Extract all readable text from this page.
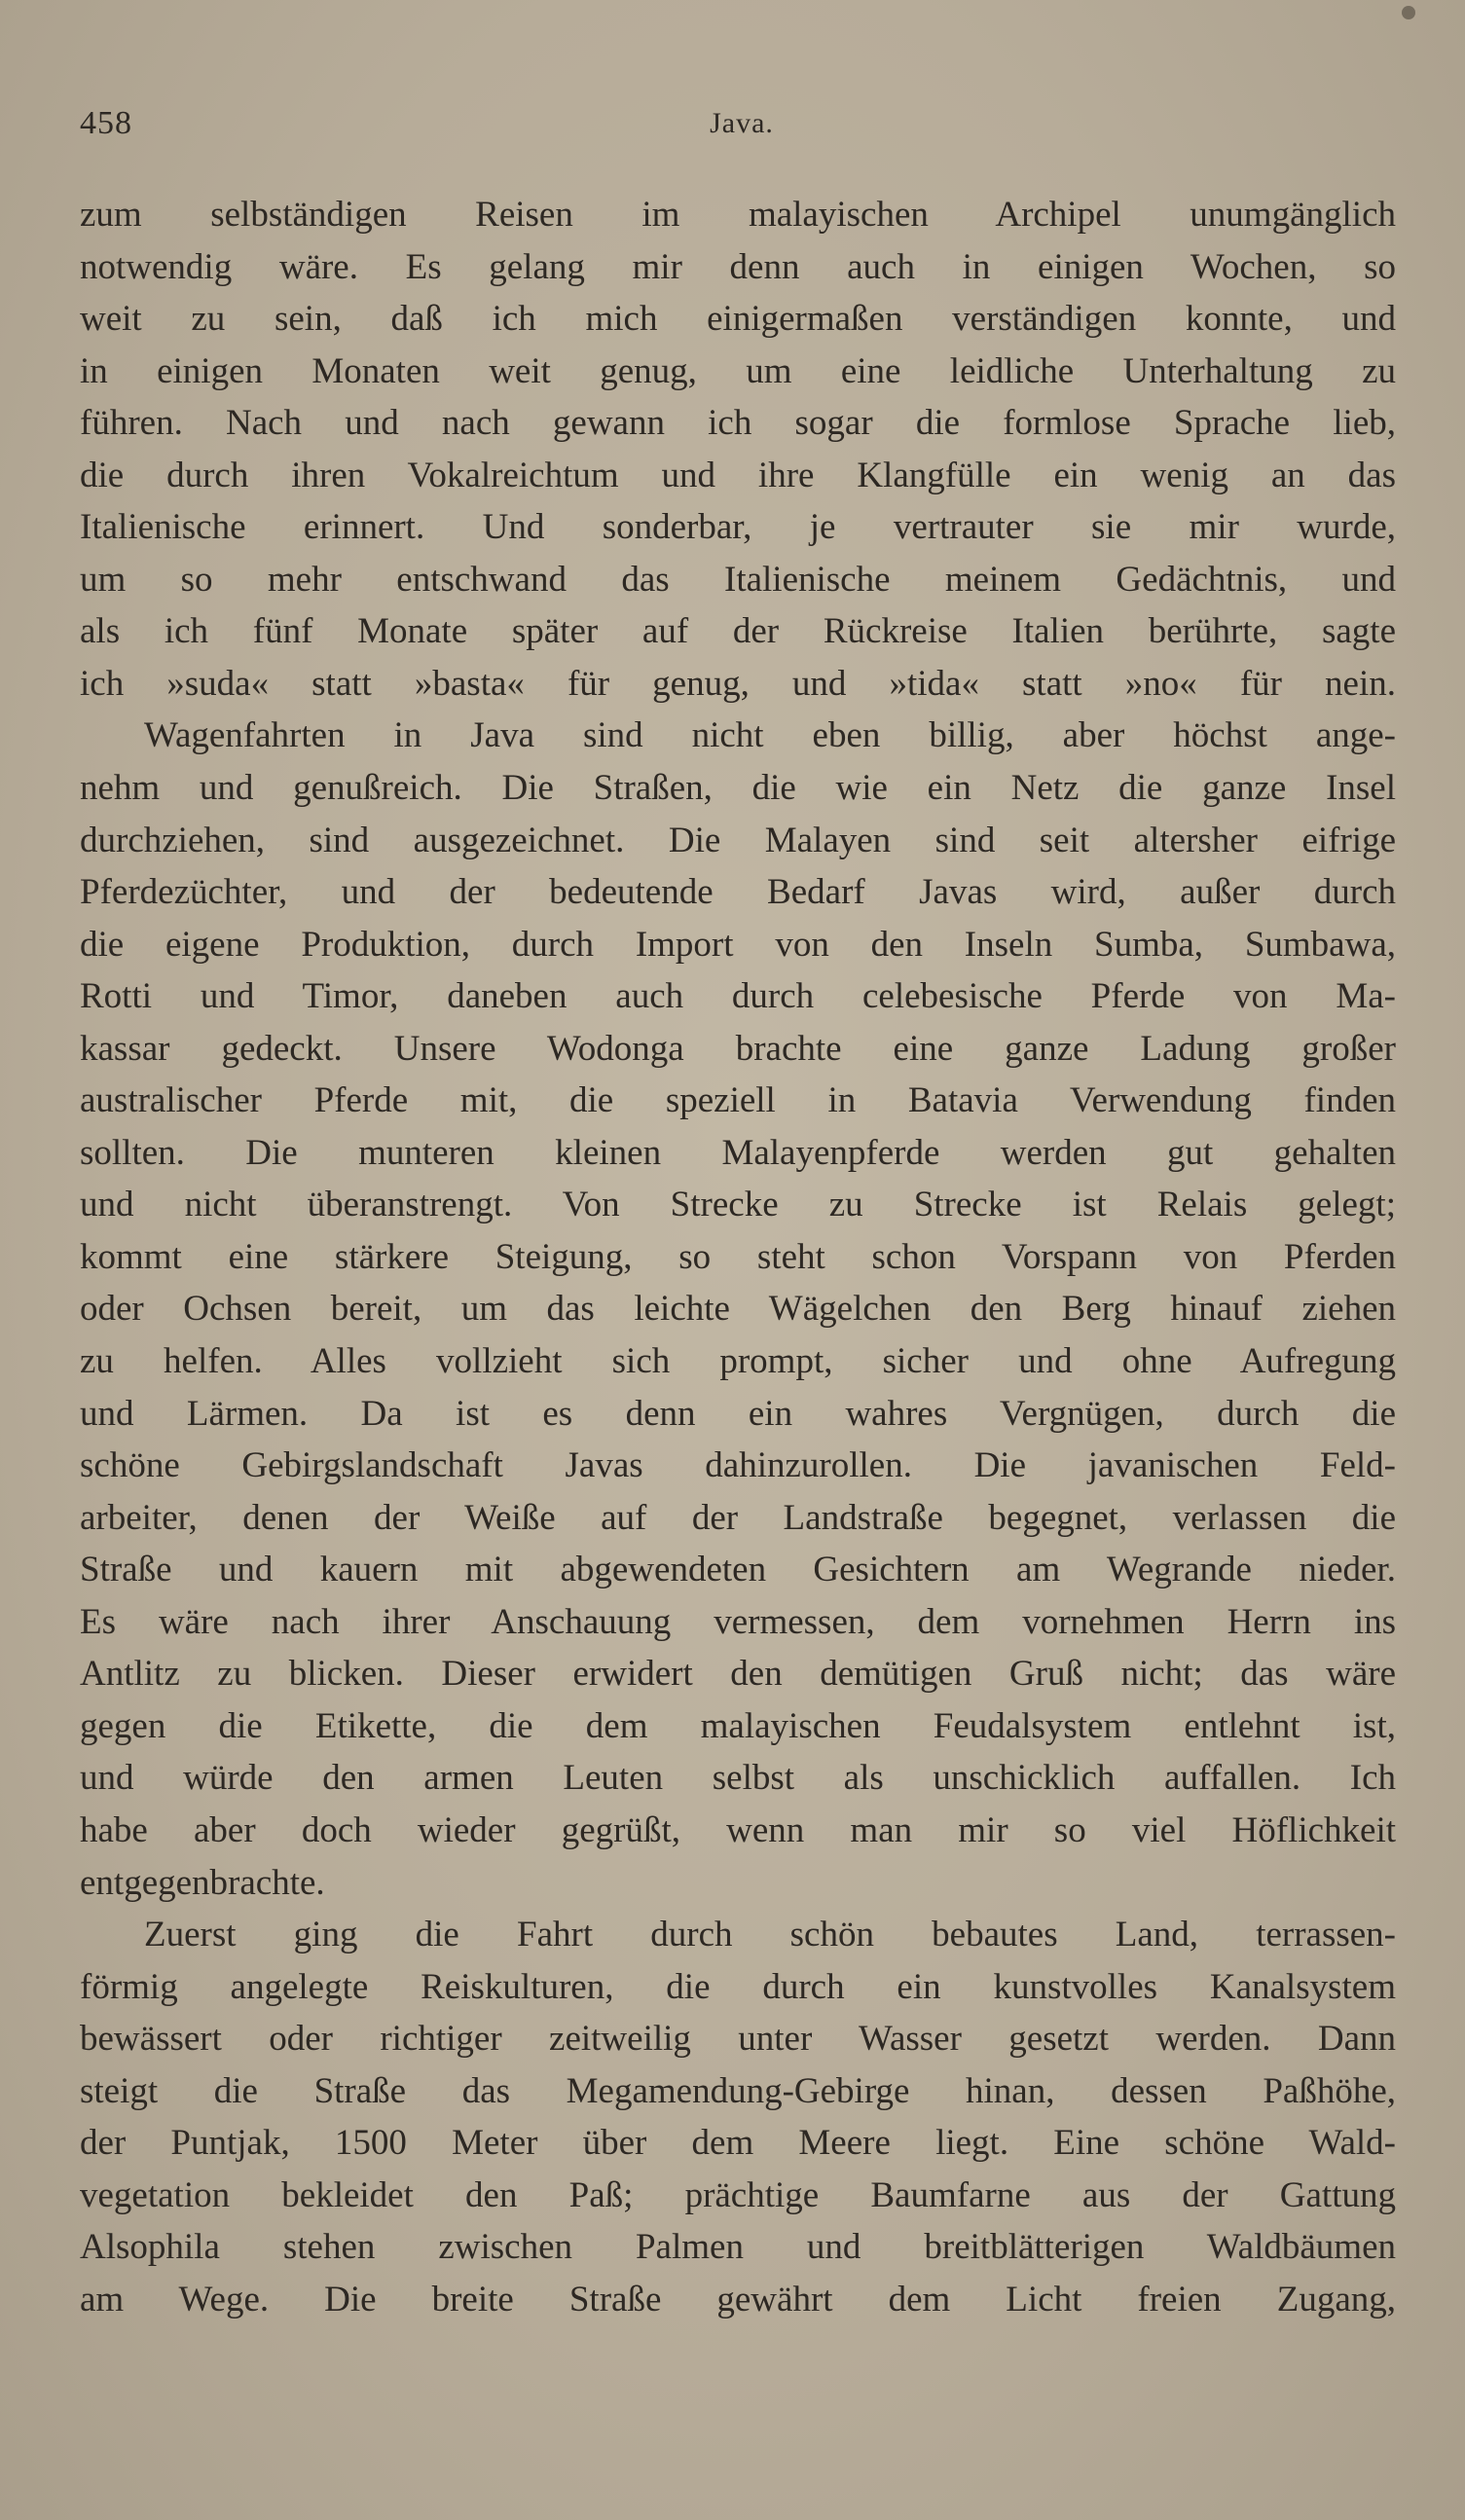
458	Java.
zum selbständigen Reisen im malayischen Archipel unumgänglich
notwendig wäre. Es gelang mir denn auch in einigen Wochen, so
weit zu sein, daß ich mich einigermaßen verständigen konnte, und
in einigen Monaten weit genug, um eine leidliche Unterhaltung zu
führen. Nach und nach gewann ich sogar die formlose Sprache lieb,
die durch ihren Vokalreichtum und ihre Klangfülle ein wenig an das
Italienische erinnert. Und sonderbar, je vertrauter sie mir wurde,
um so mehr entschwand das Italienische meinem Gedächtnis, und
als ich fünf Monate später auf der Rückreise Italien berührte, sagte
ich »suda« statt »basta« für genug, und »tida« statt »no« für nein.
Wagenfahrten in Java sind nicht eben billig, aber höchst ange-
nehm und genußreich. Die Straßen, die wie ein Netz die ganze Insel
durchziehen, sind ausgezeichnet. Die Malayen sind seit altersher eifrige
Pferdezüchter, und der bedeutende Bedarf Javas wird, außer durch
die eigene Produktion, durch Import von den Inseln Sumba, Sumbawa,
Rotti und Timor, daneben auch durch celebesische Pferde von Ma-
kassar gedeckt. Unsere Wodonga brachte eine ganze Ladung großer
australischer Pferde mit, die speziell in Batavia Verwendung finden
sollten. Die munteren kleinen Malayenpferde werden gut gehalten
und nicht überanstrengt. Von Strecke zu Strecke ist Relais gelegt;
kommt eine stärkere Steigung, so steht schon Vorspann von Pferden
oder Ochsen bereit, um das leichte Wägelchen den Berg hinauf ziehen
zu helfen. Alles vollzieht sich prompt, sicher und ohne Aufregung
und Lärmen. Da ist es denn ein wahres Vergnügen, durch die
schöne Gebirgslandschaft Javas dahinzurollen. Die javanischen Feld-
arbeiter, denen der Weiße auf der Landstraße begegnet, verlassen die
Straße und kauern mit abgewendeten Gesichtern am Wegrande nieder.
Es wäre nach ihrer Anschauung vermessen, dem vornehmen Herrn ins
Antlitz zu blicken. Dieser erwidert den demütigen Gruß nicht; das wäre
gegen die Etikette, die dem malayischen Feudalsystem entlehnt ist,
und würde den armen Leuten selbst als unschicklich auffallen. Ich
habe aber doch wieder gegrüßt, wenn man mir so viel Höflichkeit
entgegenbrachte.
Zuerst ging die Fahrt durch schön bebautes Land, terrassen-
förmig angelegte Reiskulturen, die durch ein kunstvolles Kanalsystem
bewässert oder richtiger zeitweilig unter Wasser gesetzt werden. Dann
steigt die Straße das Megamendung-Gebirge hinan, dessen Paßhöhe,
der Puntjak, 1500 Meter über dem Meere liegt. Eine schöne Wald-
vegetation bekleidet den Paß; prächtige Baumfarne aus der Gattung
Alsophila stehen zwischen Palmen und breitblätterigen Waldbäumen
am Wege. Die breite Straße gewährt dem Licht freien Zugang,
